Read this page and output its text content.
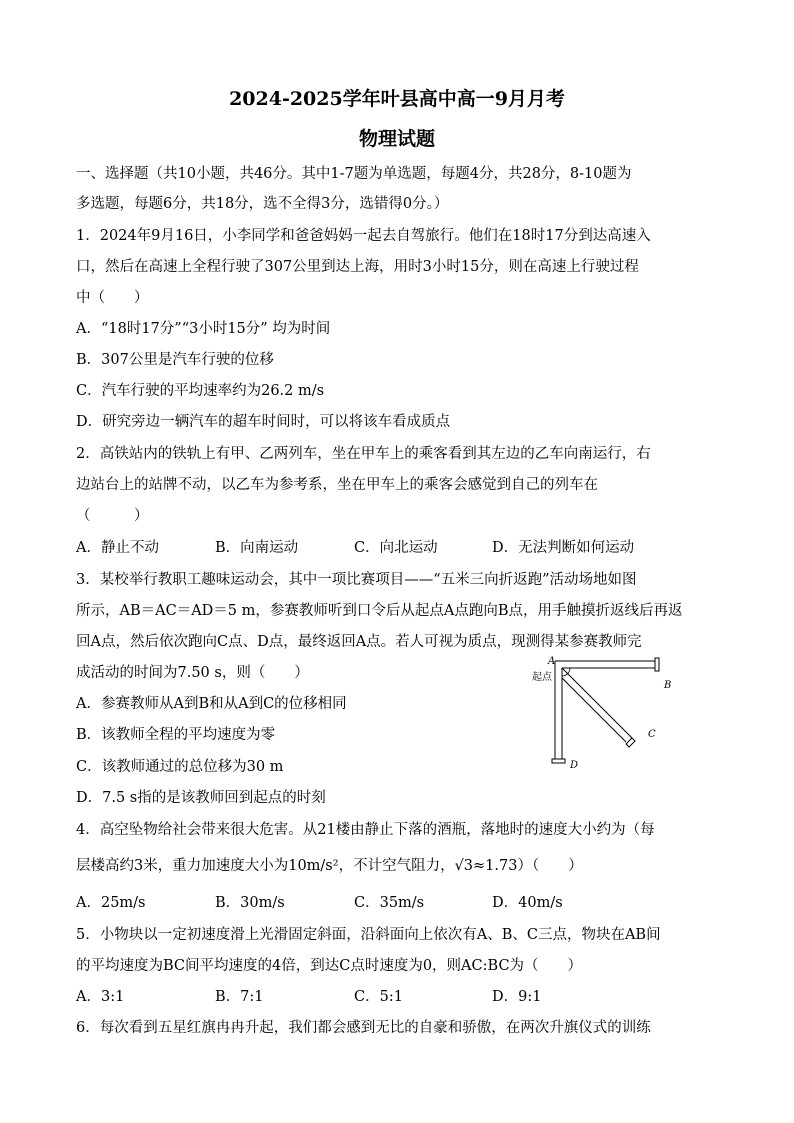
2024-2025学年叶县高中高一9月月考
物理试题
一、选择题（共10小题，共46分。其中1-7题为单选题，每题4分，共28分，8-10题为
多选题，每题6分，共18分，选不全得3分，选错得0分。）
1．2024年9月16日，小李同学和爸爸妈妈一起去自驾旅行。他们在18时17分到达高速入
口，然后在高速上全程行驶了307公里到达上海，用时3小时15分，则在高速上行驶过程
中（　　）
A．“18时17分”“3小时15分” 均为时间
B．307公里是汽车行驶的位移
C．汽车行驶的平均速率约为26.2 m/s
D．研究旁边一辆汽车的超车时间时，可以将该车看成质点
2．高铁站内的铁轨上有甲、乙两列车，坐在甲车上的乘客看到其左边的乙车向南运行，右
边站台上的站牌不动，以乙车为参考系，坐在甲车上的乘客会感觉到自己的列车在
（　　　）
A．静止不动	B．向南运动	C．向北运动	D．无法判断如何运动
3．某校举行教职工趣味运动会，其中一项比赛项目——“五米三向折返跑”活动场地如图
所示，AB＝AC＝AD＝5 m，参赛教师听到口令后从起点A点跑向B点，用手触摸折返线后再返
回A点，然后依次跑向C点、D点，最终返回A点。若人可视为质点，现测得某参赛教师完
成活动的时间为7.50 s，则（　　）
A．参赛教师从A到B和从A到C的位移相同
B．该教师全程的平均速度为零
C．该教师通过的总位移为30 m
D．7.5 s指的是该教师回到起点的时刻
A
起点
B
C
D
4．高空坠物给社会带来很大危害。从21楼由静止下落的酒瓶，落地时的速度大小约为（每
层楼高约3米，重力加速度大小为10m/s²，不计空气阻力，√3≈1.73）（　　）
A．25m/s	B．30m/s	C．35m/s	D．40m/s
5．小物块以一定初速度滑上光滑固定斜面，沿斜面向上依次有A、B、C三点，物块在AB间
的平均速度为BC间平均速度的4倍，到达C点时速度为0，则AC:BC为（　　）
A．3:1	B．7:1	C．5:1	D．9:1
6．每次看到五星红旗冉冉升起，我们都会感到无比的自豪和骄傲，在两次升旗仪式的训练
